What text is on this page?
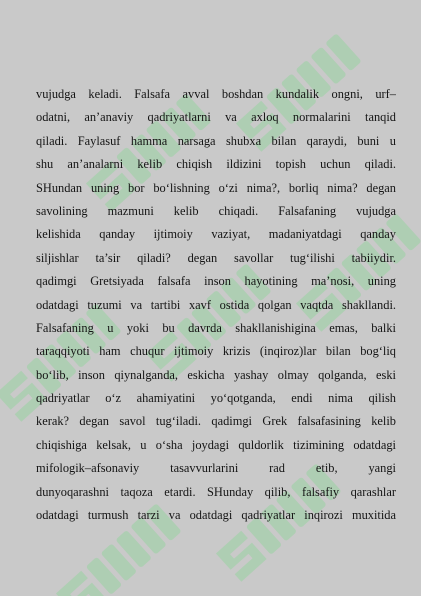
vujudga keladi. Falsafa avval boshdan kundalik ongni, urf–
odatni, an’anaviy qadriyatlarni va axloq normalarini tanqid
qiladi. Faylasuf hamma narsaga shubxa bilan qaraydi, buni u
shu an’analarni kelib chiqish ildizini topish uchun qiladi.
SHundan uning bor bo‘lishning o‘zi nima?, borliq nima? degan
savolining mazmuni kelib chiqadi. Falsafaning vujudga
kelishida qanday ijtimoiy vaziyat, madaniyatdagi qanday
siljishlar ta’sir qiladi? degan savollar tug‘ilishi tabiiydir.
qadimgi Gretsiyada falsafa inson hayotining ma’nosi, uning
odatdagi tuzumi va tartibi xavf ostida qolgan vaqtda shakllandi.
Falsafaning u yoki bu davrda shakllanishigina emas, balki
taraqqiyoti ham chuqur ijtimoiy krizis (inqiroz)lar bilan bog‘liq
bo‘lib, inson qiynalganda, eskicha yashay olmay qolganda, eski
qadriyatlar o‘z ahamiyatini yo‘qotganda, endi nima qilish
kerak? degan savol tug‘iladi. qadimgi Grek falsafasining kelib
chiqishiga kelsak, u o‘sha joydagi quldorlik tizimining odatdagi
mifologik–afsonaviy tasavvurlarini rad etib, yangi
dunyoqarashni taqoza etardi. SHunday qilib, falsafiy qarashlar
odatdagi turmush tarzi va odatdagi qadriyatlar inqirozi muxitida
